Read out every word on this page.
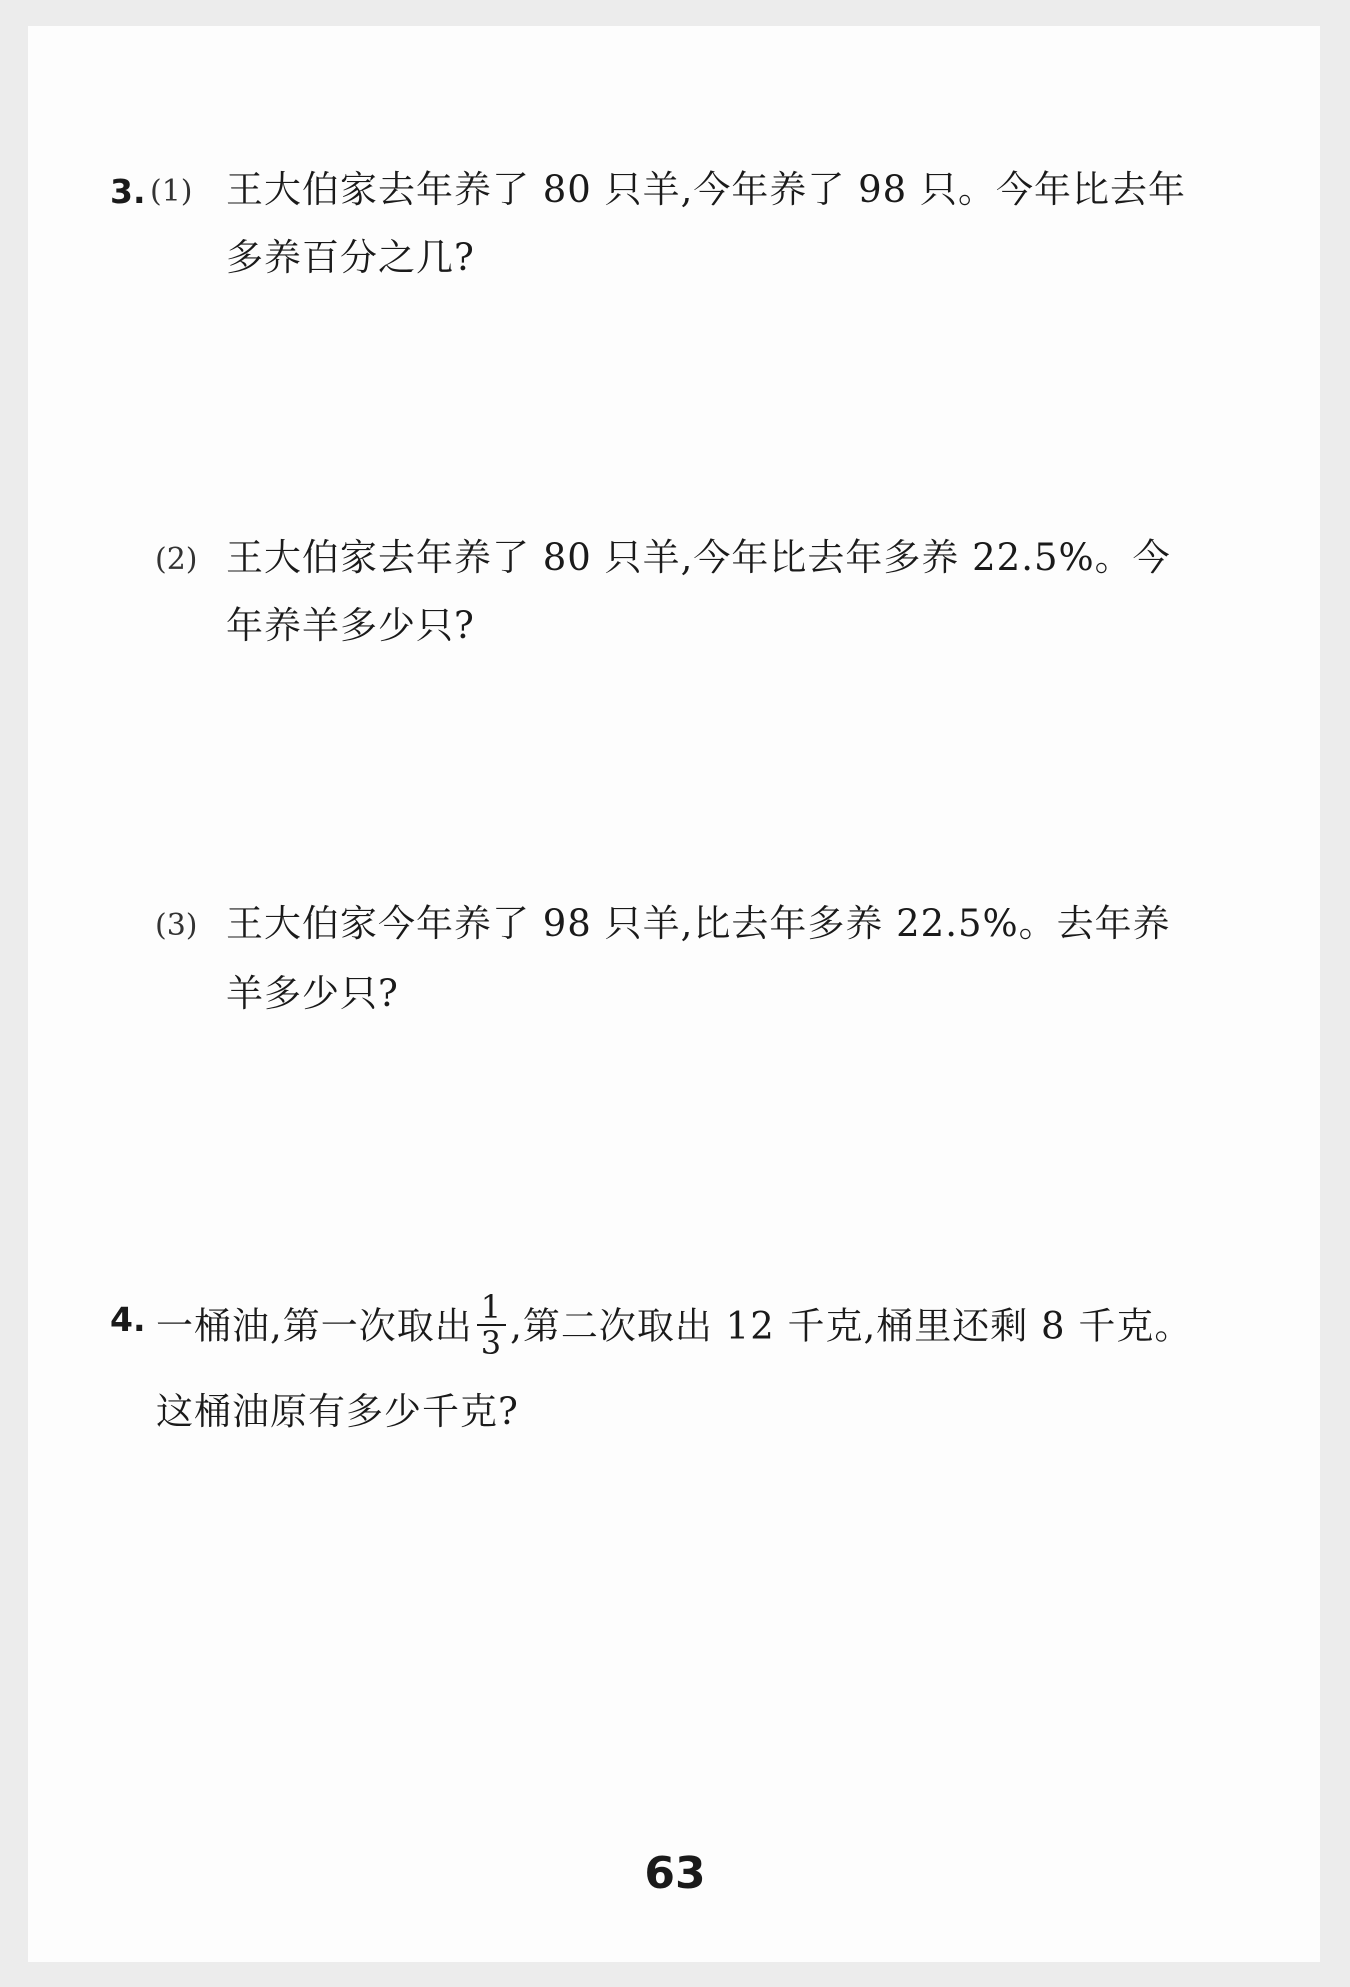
3. (1) 王大伯家去年养了 80 只羊,今年养了 98 只。今年比去年
多养百分之几?
(2) 王大伯家去年养了 80 只羊,今年比去年多养 22.5%。今
年养羊多少只?
(3) 王大伯家今年养了 98 只羊,比去年多养 22.5%。去年养
羊多少只?
4. 一桶油,第一次取出 $\frac{1}{3}$ ,第二次取出 12 千克,桶里还剩 8 千克。
这桶油原有多少千克?
63
